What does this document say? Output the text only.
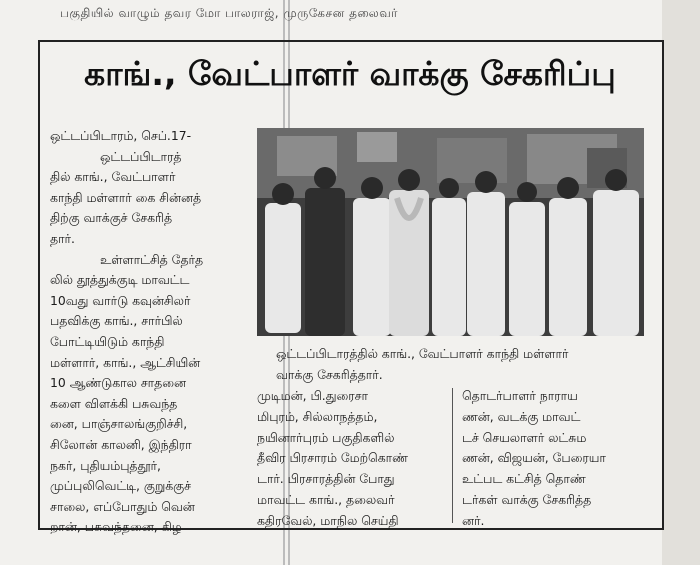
பகுதியில் வாழும் தவர மோ பாலராஜ், முருகேசன தலைவர்
காங்., வேட்பாளர் வாக்கு சேகரிப்பு
ஒட்டப்பிடாரம், செப்.17-
ஒட்டப்பிடாரத்
தில் காங்., வேட்பாளர்
காந்தி மள்ளார் கை சின்னத்
திற்கு வாக்குச் சேகரித்
தார்.
உள்ளாட்சித் தேர்த
லில் தூத்துக்குடி மாவட்ட
10வது வார்டு கவுன்சிலர்
பதவிக்கு காங்., சார்பில்
போட்டியிடும் காந்தி
மள்ளார், காங்., ஆட்சியின்
10 ஆண்டுகால சாதனை
களை விளக்கி பசுவந்த
னை, பாஞ்சாலங்குறிச்சி,
சிலோன் காலனி, இந்திரா
நகர், புதியம்புத்தூர்,
முப்புலிவெட்டி, குறுக்குச்
சாலை, எப்போதும் வென்
றான், பசுவந்தனை, கிழ
ஒட்டப்பிடாரத்தில் காங்., வேட்பாளர் காந்தி மள்ளார்
வாக்கு சேகரித்தார்.
முடிமன், பி.துரைசா
மிபுரம், சில்லாநத்தம்,
நயினார்புரம் பகுதிகளில்
தீவிர பிரசாரம் மேற்கொண்
டார். பிரசாரத்தின் போது
மாவட்ட காங்., தலைவர்
கதிரவேல், மாநில செய்தி
தொடர்பாளர் நாராய
ணன், வடக்கு மாவட்
டச் செயலாளர் லட்சும
ணன், விஜயன், பேரையா
உட்பட கட்சித் தொண்
டர்கள் வாக்கு சேகரித்த
னர்.
